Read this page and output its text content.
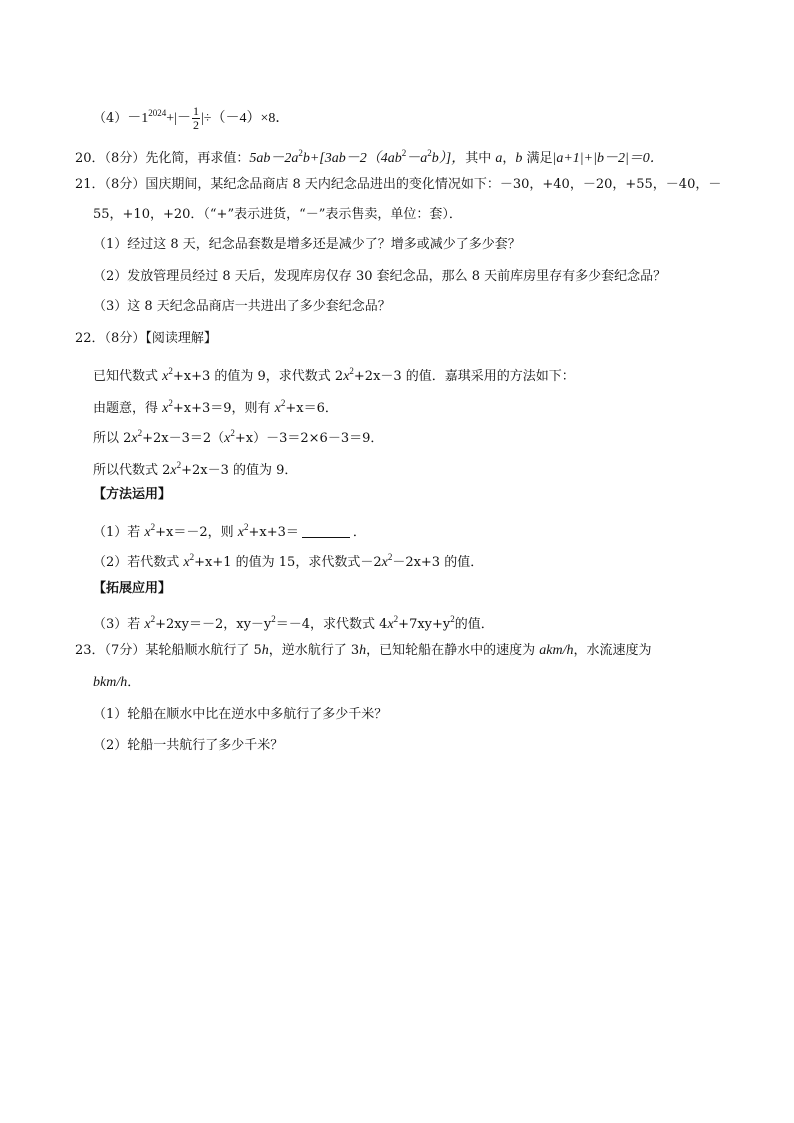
$(4)-1^{2024}+|- \frac{1}{2} |\div(-4)\times 8$．
20．（8分）先化简，再求值：$5ab-2a^2b+[3ab-2(4ab^2-a^2b)]$，其中 a，b 满足|a+1|+|b－2|＝0．
21．（8分）国庆期间，某纪念品商店 8 天内纪念品进出的变化情况如下：－30，+40，－20，+55，－40，－
55，+10，+20．（“+”表示进货，“－”表示售卖，单位：套）．
（1）经过这 8 天，纪念品套数是增多还是减少了？增多或减少了多少套？
（2）发放管理员经过 8 天后，发现库房仅存 30 套纪念品，那么 8 天前库房里存有多少套纪念品？
（3）这 8 天纪念品商店一共进出了多少套纪念品？
22．（8分）【阅读理解】
已知代数式 $x^2+x+3$ 的值为 9，求代数式 $2x^2+2x-3$ 的值．嘉琪采用的方法如下：
由题意，得 $x^2+x+3=9$，则有 $x^2+x=6$．
所以 $2x^2+2x-3=2(x^2+x)-3=2\times 6-3=9$．
所以代数式 $2x^2+2x-3$ 的值为 9．
【方法运用】
（1）若 $x^2+x=-2$，则 $x^2+x+3=$	．
（2）若代数式 $x^2+x+1$ 的值为 15，求代数式$-2x^2-2x+3$ 的值．
【拓展应用】
（3）若 $x^2+2xy=-2$，$xy-y^2=-4$，求代数式 $4x^2+7xy+y^2$的值．
23．（7分）某轮船顺水航行了 5h，逆水航行了 3h，已知轮船在静水中的速度为 akm/h，水流速度为
bkm/h．
（1）轮船在顺水中比在逆水中多航行了多少千米？
（2）轮船一共航行了多少千米？
